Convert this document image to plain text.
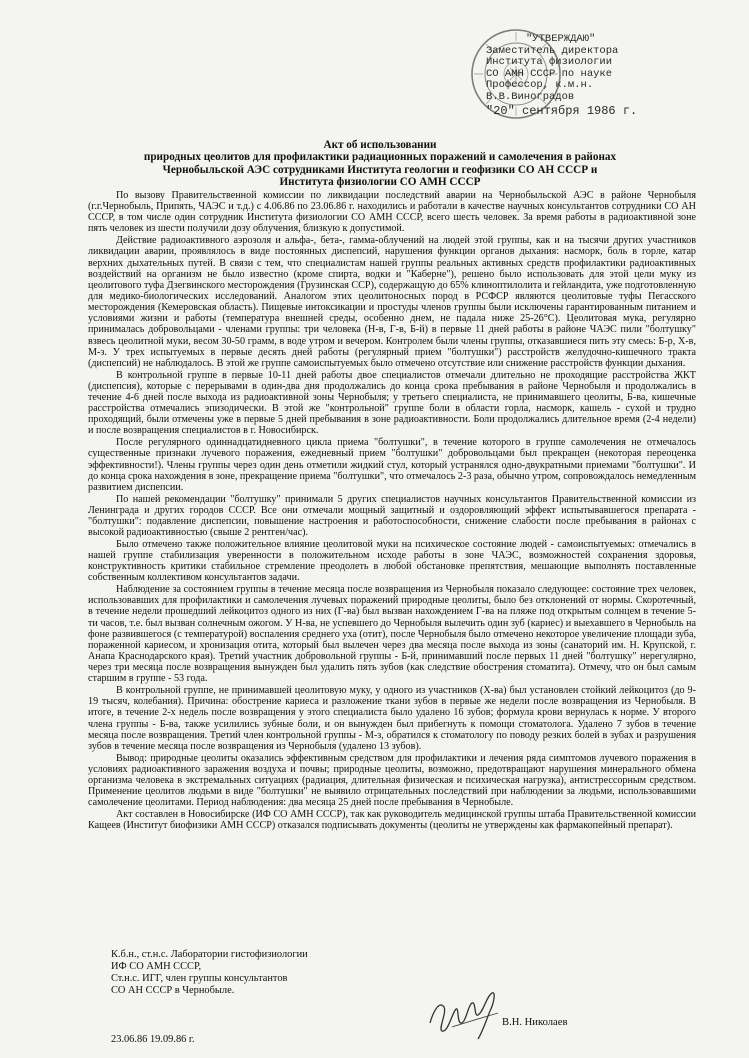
"УТВЕРЖДАЮ"
Заместитель директора
Института физиологии
СО АМН СССР по науке
Профессор, к.м.н.
В.В.Виноградов
"20" сентября 1986 г.
Акт об использовании
природных цеолитов для профилактики радиационных поражений и самолечения в районах
Чернобыльской АЭС сотрудниками Института геологии и геофизики СО АН СССР и
Института физиологии СО АМН СССР

По вызову Правительственной комиссии по ликвидации последствий аварии на Чернобыльской АЭС в районе Чернобыля (г.г.Чернобыль, Припять, ЧАЭС и т.д.) с 4.06.86 по 23.06.86 г. находились и работали в качестве научных консультантов сотрудники СО АН СССР, в том числе один сотрудник Института физиологии СО АМН СССР, всего шесть человек. За время работы в радиоактивной зоне пять человек из шести получили дозу облучения, близкую к допустимой.

Действие радиоактивного аэрозоля и альфа-, бета-, гамма-облучений на людей этой группы, как и на тысячи других участников ликвидации аварии, проявлялось в виде постоянных диспепсий, нарушения функции органов дыхания: насморк, боль в горле, катар верхних дыхательных путей. В связи с тем, что специалистам нашей группы реальных активных средств профилактики радиоактивных воздействий на организм не было известно (кроме спирта, водки и "Каберне"), решено было использовать для этой цели муку из цеолитового туфа Дзегвинского месторождения (Грузинская ССР), содержащую до 65% клиноптилолита и гейландита, уже подготовленную для медико-биологических исследований. Аналогом этих цеолитоносных пород в РСФСР являются цеолитовые туфы Пегасского месторождения (Кемеровская область). Пищевые интоксикации и простуды членов группы были исключены гарантированным питанием и условиями жизни и работы (температура внешней среды, особенно днем, не падала ниже 25-26°С). Цеолитовая мука, регулярно принималась добровольцами - членами группы: три человека (Н-в, Г-в, Б-й) в первые 11 дней работы в районе ЧАЭС пили "болтушку" взвесь цеолитной муки, весом 30-50 грамм, в воде утром и вечером. Контролем были члены группы, отказавшиеся пить эту смесь: Б-р, Х-в, М-з. У трех испытуемых в первые десять дней работы (регулярный прием "болтушки") расстройств желудочно-кишечного тракта (диспепсий) не наблюдалось. В этой же группе самоиспытуемых было отмечено отсутствие или снижение расстройств функции дыхания.

В контрольной группе в первые 10-11 дней работы двое специалистов отмечали длительно не проходящие расстройства ЖКТ (диспепсия), которые с перерывами в один-два дня продолжались до конца срока пребывания в районе Чернобыля и продолжались в течение 4-6 дней после выхода из радиоактивной зоны Чернобыля; у третьего специалиста, не принимавшего цеолиты, Б-ва, кишечные расстройства отмечались эпизодически. В этой же "контрольной" группе боли в области горла, насморк, кашель - сухой и трудно проходящий, были отмечены уже в первые 5 дней пребывания в зоне радиоактивности. Боли продолжались длительное время (2-4 недели) и после возвращения специалистов в г. Новосибирск.

После регулярного одиннадцатидневного цикла приема "болтушки", в течение которого в группе самолечения не отмечалось существенные признаки лучевого поражения, ежедневный прием "болтушки" добровольцами был прекращен (некоторая переоценка эффективности!). Члены группы через один день отметили жидкий стул, который устранялся одно-двукратными приемами "болтушки". И до конца срока нахождения в зоне, прекращение приема "болтушки", что отмечалось 2-3 раза, обычно утром, сопровождалось немедленным развитием диспепсии.

По нашей рекомендации "болтушку" принимали 5 других специалистов научных консультантов Правительственной комиссии из Ленинграда и других городов СССР. Все они отмечали мощный защитный и оздоровляющий эффект испытывавшегося препарата - "болтушки": подавление диспепсии, повышение настроения и работоспособности, снижение слабости после пребывания в районах с высокой радиоактивностью (свыше 2 рентген/час).

Было отмечено также положительное влияние цеолитовой муки на психическое состояние людей - самоиспытуемых: отмечались в нашей группе стабилизация уверенности в положительном исходе работы в зоне ЧАЭС, возможностей сохранения здоровья, конструктивность критики стабильное стремление преодолеть в любой обстановке препятствия, мешающие выполнять поставленные собственным коллективом консультантов задачи.

Наблюдение за состоянием группы в течение месяца после возвращения из Чернобыля показало следующее: состояние трех человек, использовавших для профилактики и самолечения лучевых поражений природные цеолиты, было без отклонений от нормы. Скоротечный, в течение недели прошедший лейкоцитоз одного из них (Г-ва) был вызван нахождением Г-ва на пляже под открытым солнцем в течение 5-ти часов, т.е. был вызван солнечным ожогом. У Н-ва, не успевшего до Чернобыля вылечить один зуб (кариес) и выехавшего в Чернобыль на фоне развившегося (с температурой) воспаления среднего уха (отит), после Чернобыля было отмечено некоторое увеличение площади зуба, пораженной кариесом, и хронизация отита, который был вылечен через два месяца после выхода из зоны (санаторий им. Н. Крупской, г. Анапа Краснодарского края). Третий участник добровольной группы - Б-й, принимавший после первых 11 дней "болтушку" нерегулярно, через три месяца после возвращения вынужден был удалить пять зубов (как следствие обострения стоматита). Отмечу, что он был самым старшим в группе - 53 года.

В контрольной группе, не принимавшей цеолитовую муку, у одного из участников (Х-ва) был установлен стойкий лейкоцитоз (до 9-19 тысяч, колебания). Причина: обострение кариеса и разложение ткани зубов в первые же недели после возвращения из Чернобыля. В итоге, в течение 2-х недель после возвращения у этого специалиста было удалено 16 зубов; формула крови вернулась к норме. У второго члена группы - Б-ва, также усилились зубные боли, и он вынужден был прибегнуть к помощи стоматолога. Удалено 7 зубов в течение месяца после возвращения. Третий член контрольной группы - М-з, обратился к стоматологу по поводу резких болей в зубах и разрушения зубов в течение месяца после возвращения из Чернобыля (удалено 13 зубов).

Вывод: природные цеолиты оказались эффективным средством для профилактики и лечения ряда симптомов лучевого поражения в условиях радиоактивного заражения воздуха и почвы; природные цеолиты, возможно, предотвращают нарушения минерального обмена организма человека в экстремальных ситуациях (радиация, длительная физическая и психическая нагрузка), антистрессорным средством. Применение цеолитов людьми в виде "болтушки" не выявило отрицательных последствий при наблюдении за людьми, использовавшими самолечение цеолитами. Период наблюдения: два месяца 25 дней после пребывания в Чернобыле.

Акт составлен в Новосибирске (ИФ СО АМН СССР), так как руководитель медицинской группы штаба Правительственной комиссии Кащеев (Институт биофизики АМН СССР) отказался подписывать документы (цеолиты не утверждены как фармакопейный препарат).

К.б.н., ст.н.с. Лаборатории гистофизиологии
ИФ СО АМН СССР,
Ст.н.с. ИГГ, член группы консультантов
СО АН СССР в Чернобыле.
В.Н. Николаев
23.06.86 19.09.86 г.
